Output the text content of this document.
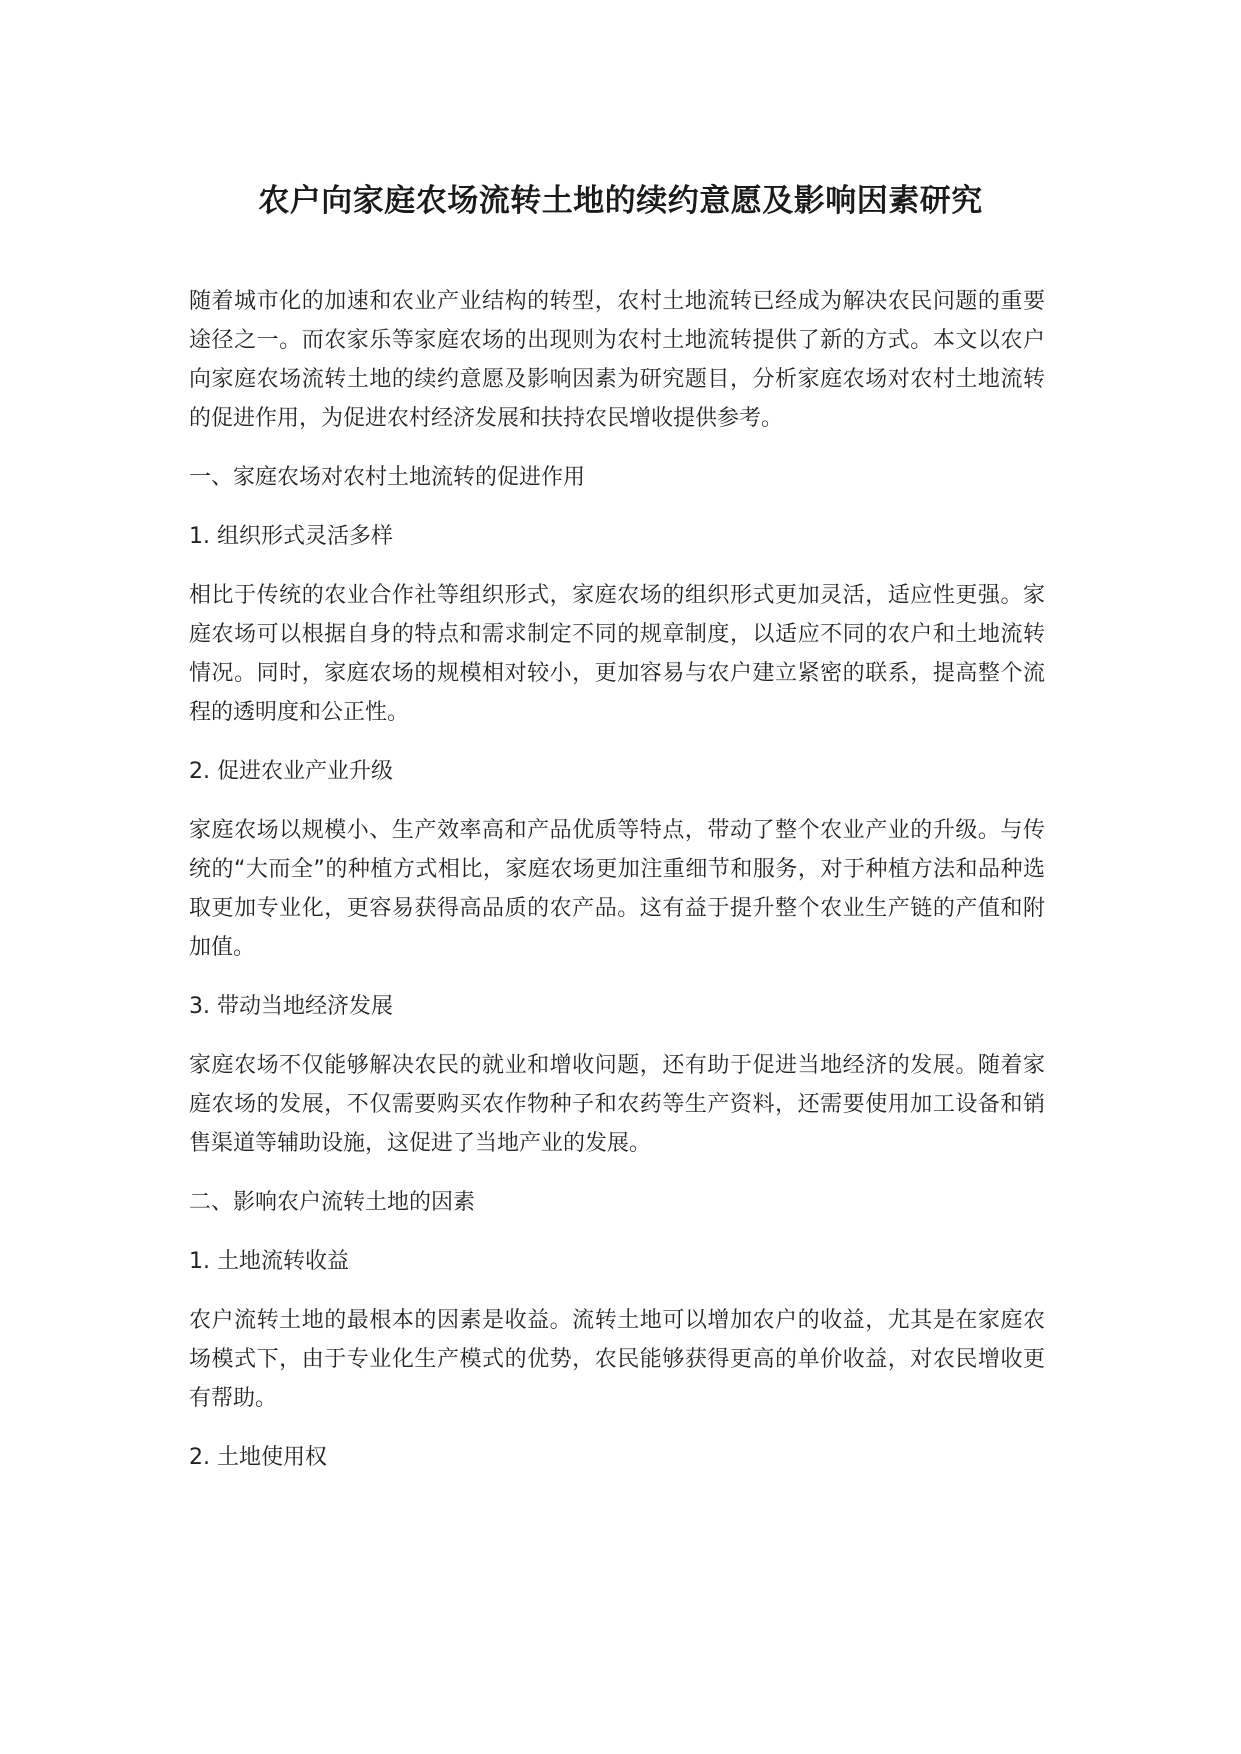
农户向家庭农场流转土地的续约意愿及影响因素研究

随着城市化的加速和农业产业结构的转型，农村土地流转已经成为解决农民问题的重要途径之一。而农家乐等家庭农场的出现则为农村土地流转提供了新的方式。本文以农户向家庭农场流转土地的续约意愿及影响因素为研究题目，分析家庭农场对农村土地流转的促进作用，为促进农村经济发展和扶持农民增收提供参考。

一、家庭农场对农村土地流转的促进作用

1. 组织形式灵活多样

相比于传统的农业合作社等组织形式，家庭农场的组织形式更加灵活，适应性更强。家庭农场可以根据自身的特点和需求制定不同的规章制度，以适应不同的农户和土地流转情况。同时，家庭农场的规模相对较小，更加容易与农户建立紧密的联系，提高整个流程的透明度和公正性。

2. 促进农业产业升级

家庭农场以规模小、生产效率高和产品优质等特点，带动了整个农业产业的升级。与传统的“大而全”的种植方式相比，家庭农场更加注重细节和服务，对于种植方法和品种选取更加专业化，更容易获得高品质的农产品。这有益于提升整个农业生产链的产值和附加值。

3. 带动当地经济发展

家庭农场不仅能够解决农民的就业和增收问题，还有助于促进当地经济的发展。随着家庭农场的发展，不仅需要购买农作物种子和农药等生产资料，还需要使用加工设备和销售渠道等辅助设施，这促进了当地产业的发展。

二、影响农户流转土地的因素

1. 土地流转收益

农户流转土地的最根本的因素是收益。流转土地可以增加农户的收益，尤其是在家庭农场模式下，由于专业化生产模式的优势，农民能够获得更高的单价收益，对农民增收更有帮助。

2. 土地使用权
